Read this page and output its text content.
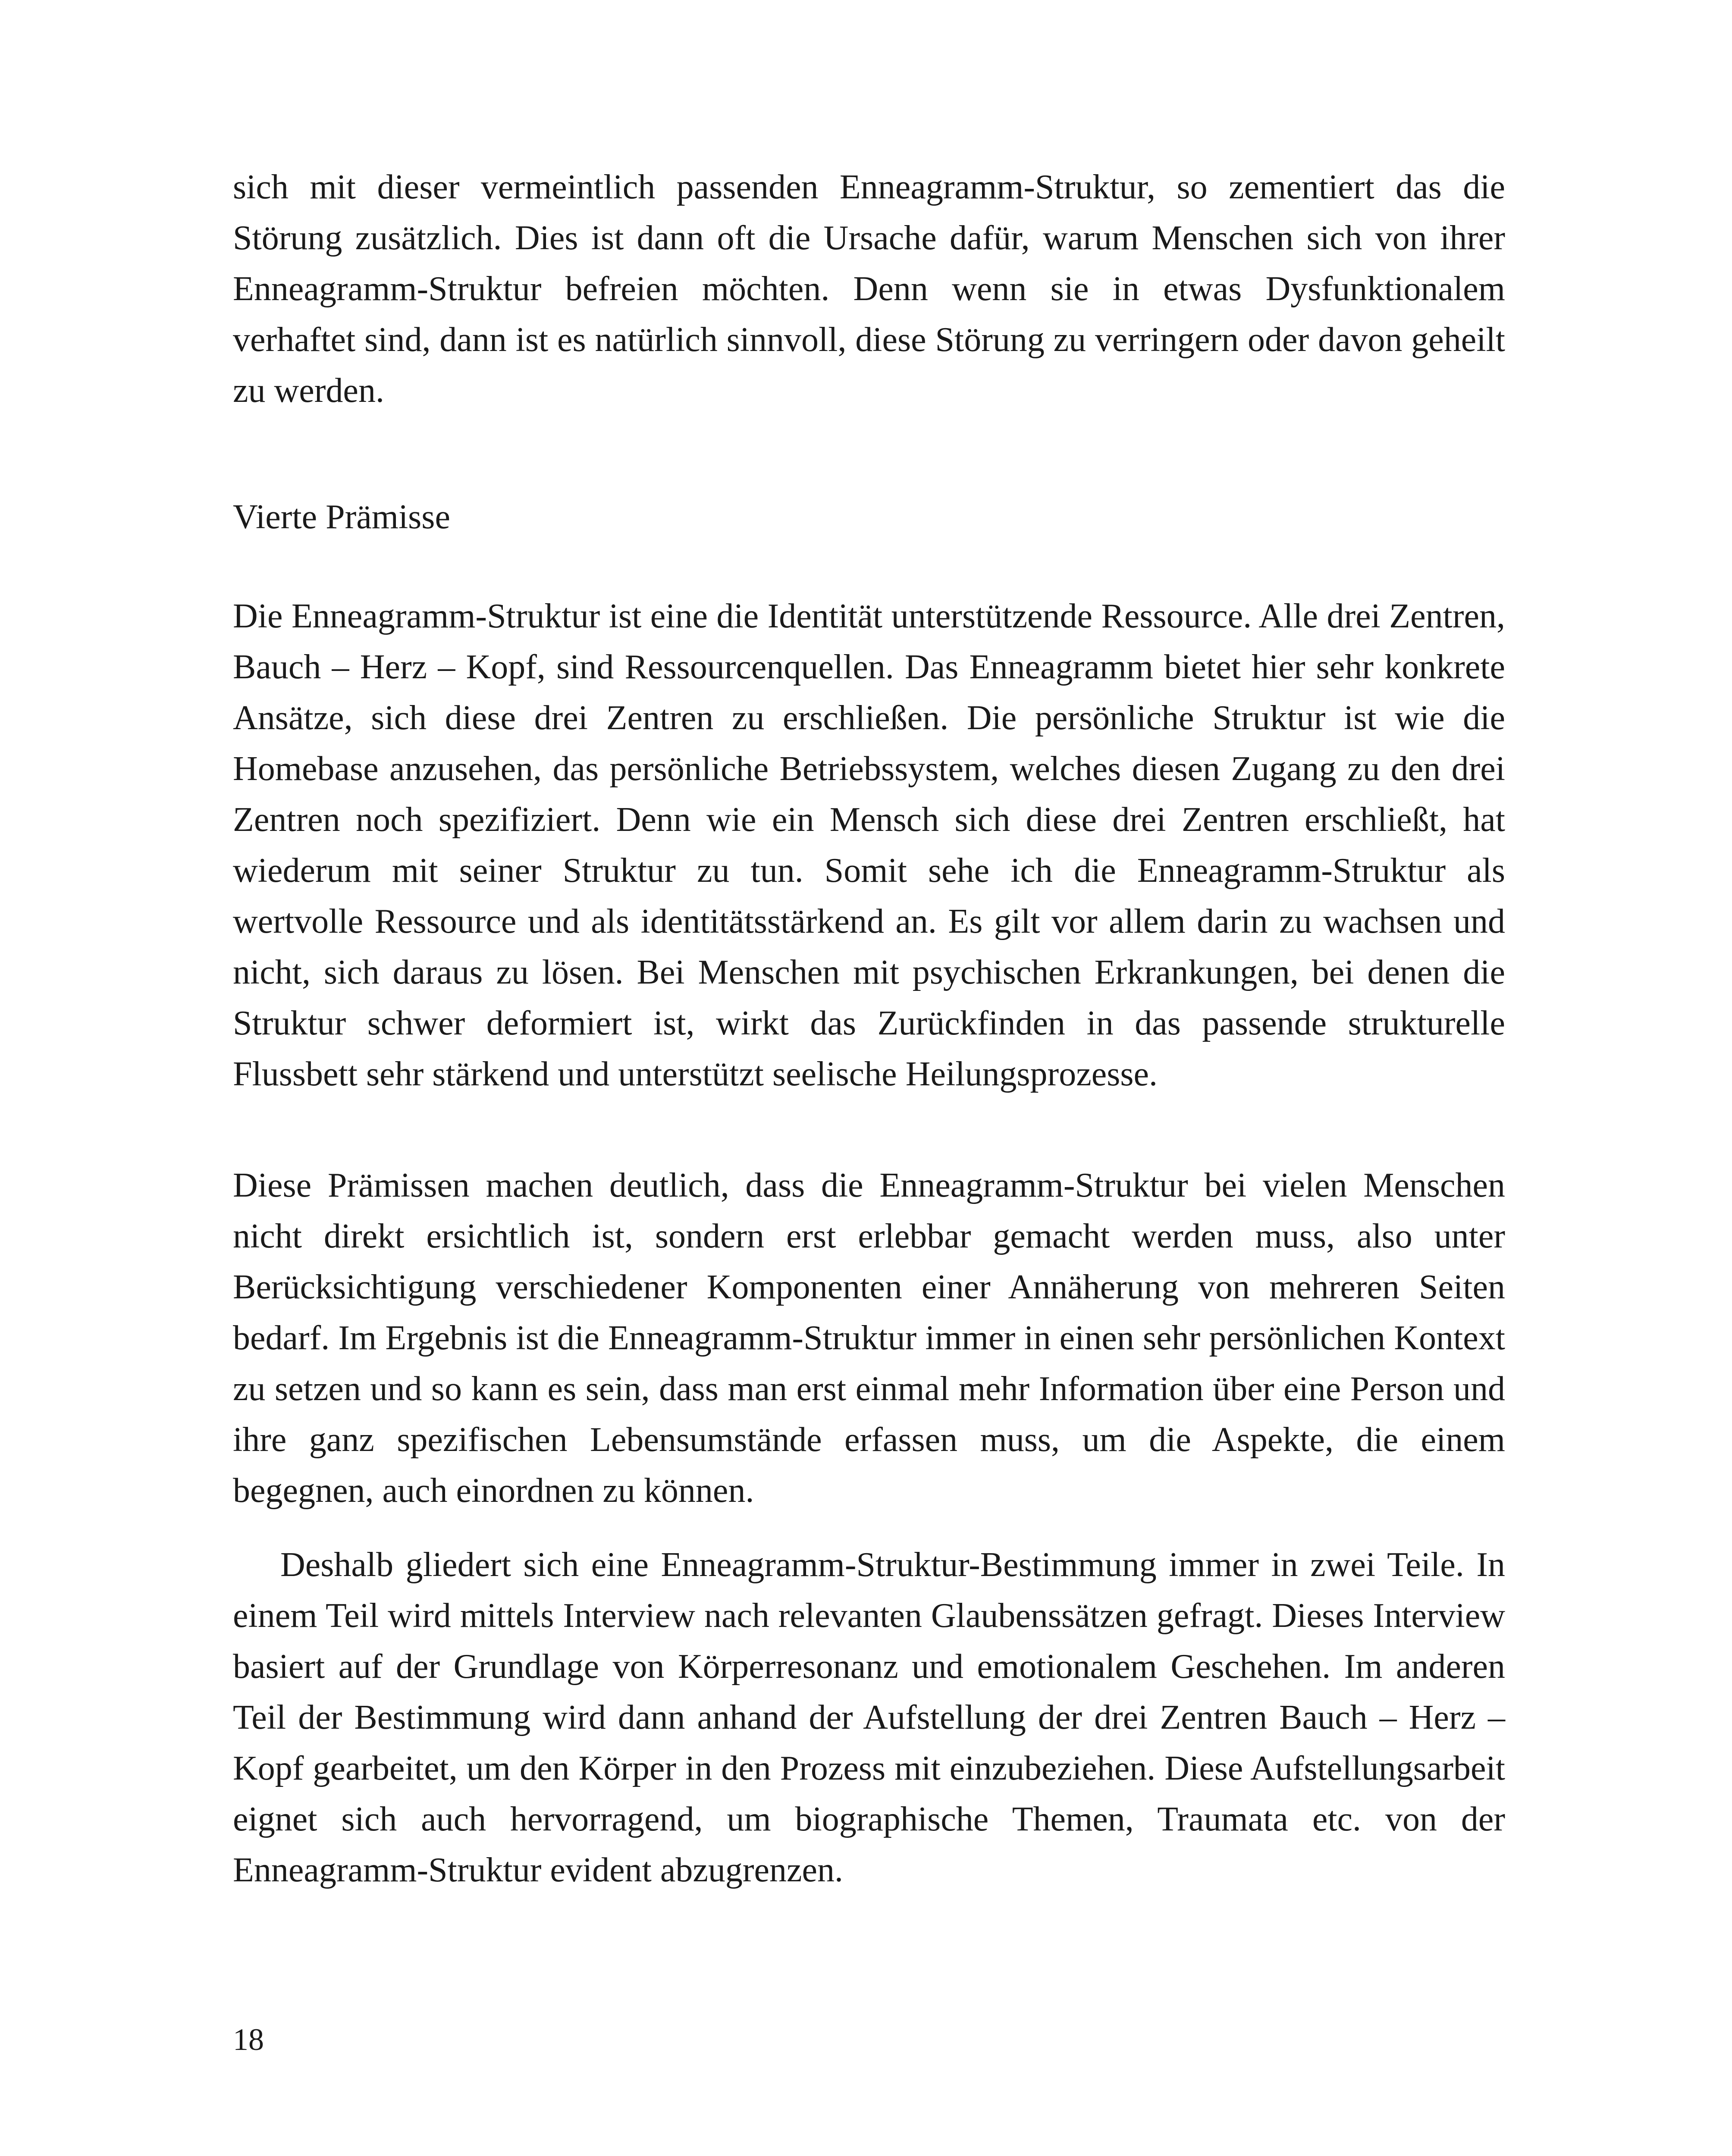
sich mit dieser vermeintlich passenden Enneagramm-Struktur, so zementiert das die Störung zusätzlich. Dies ist dann oft die Ursache dafür, warum Menschen sich von ihrer Enneagramm-Struktur befreien möchten. Denn wenn sie in etwas Dysfunktionalem verhaftet sind, dann ist es natürlich sinnvoll, diese Störung zu verringern oder davon geheilt zu werden.

Vierte Prämisse

Die Enneagramm-Struktur ist eine die Identität unterstützende Ressource. Alle drei Zentren, Bauch – Herz – Kopf, sind Ressourcenquellen. Das Enneagramm bietet hier sehr konkrete Ansätze, sich diese drei Zentren zu erschließen. Die persönliche Struktur ist wie die Homebase anzusehen, das persönliche Betriebssystem, welches diesen Zugang zu den drei Zentren noch spezifiziert. Denn wie ein Mensch sich diese drei Zentren erschließt, hat wiederum mit seiner Struktur zu tun. Somit sehe ich die Enneagramm-Struktur als wertvolle Ressource und als identitätsstärkend an. Es gilt vor allem darin zu wachsen und nicht, sich daraus zu lösen. Bei Menschen mit psychischen Erkrankungen, bei denen die Struktur schwer deformiert ist, wirkt das Zurückfinden in das passende strukturelle Flussbett sehr stärkend und unterstützt seelische Heilungsprozesse.

Diese Prämissen machen deutlich, dass die Enneagramm-Struktur bei vielen Menschen nicht direkt ersichtlich ist, sondern erst erlebbar gemacht werden muss, also unter Berücksichtigung verschiedener Komponenten einer Annäherung von mehreren Seiten bedarf. Im Ergebnis ist die Enneagramm-Struktur immer in einen sehr persönlichen Kontext zu setzen und so kann es sein, dass man erst einmal mehr Information über eine Person und ihre ganz spezifischen Lebensumstände erfassen muss, um die Aspekte, die einem begegnen, auch einordnen zu können.

Deshalb gliedert sich eine Enneagramm-Struktur-Bestimmung immer in zwei Teile. In einem Teil wird mittels Interview nach relevanten Glaubenssätzen gefragt. Dieses Interview basiert auf der Grundlage von Körperresonanz und emotionalem Geschehen. Im anderen Teil der Bestimmung wird dann anhand der Aufstellung der drei Zentren Bauch – Herz – Kopf gearbeitet, um den Körper in den Prozess mit einzubeziehen. Diese Aufstellungsarbeit eignet sich auch hervorragend, um biographische Themen, Traumata etc. von der Enneagramm-Struktur evident abzugrenzen.

18
